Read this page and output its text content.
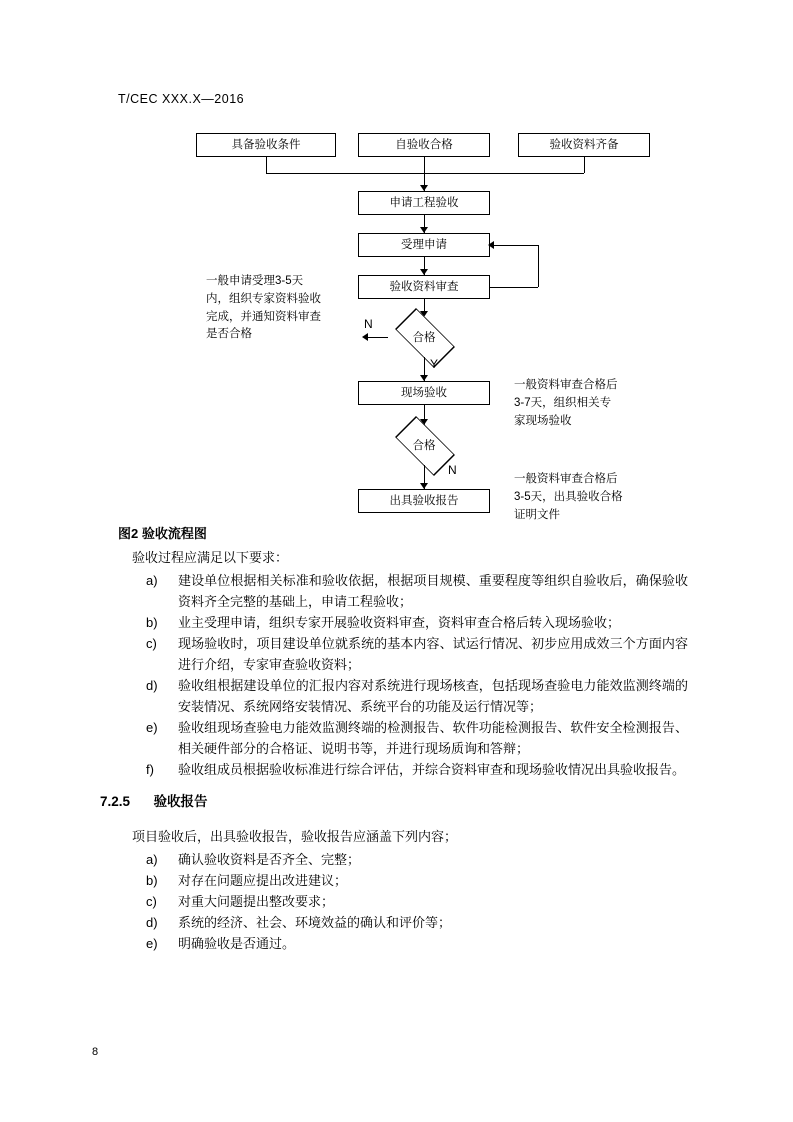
T/CEC XXX.X—2016
具备验收条件	自验收合格	验收资料齐备
申请工程验收
受理申请
验收资料审查
合格
N
Y
现场验收
合格
N
出具验收报告
一般申请受理3-5天内，组织专家资料验收完成，并通知资料审查是否合格
一般资料审查合格后3-7天，组织相关专家现场验收
一般资料审查合格后3-5天，出具验收合格证明文件
图2 验收流程图

验收过程应满足以下要求：

a)	建设单位根据相关标准和验收依据，根据项目规模、重要程度等组织自验收后，确保验收资料齐全完整的基础上，申请工程验收；
b)	业主受理申请，组织专家开展验收资料审查，资料审查合格后转入现场验收；
c)	现场验收时，项目建设单位就系统的基本内容、试运行情况、初步应用成效三个方面内容进行介绍，专家审查验收资料；
d)	验收组根据建设单位的汇报内容对系统进行现场核查，包括现场查验电力能效监测终端的安装情况、系统网络安装情况、系统平台的功能及运行情况等；
e)	验收组现场查验电力能效监测终端的检测报告、软件功能检测报告、软件安全检测报告、相关硬件部分的合格证、说明书等，并进行现场质询和答辩；
f)	验收组成员根据验收标准进行综合评估，并综合资料审查和现场验收情况出具验收报告。
7.2.5 验收报告

项目验收后，出具验收报告，验收报告应涵盖下列内容；

a)	确认验收资料是否齐全、完整；
b)	对存在问题应提出改进建议；
c)	对重大问题提出整改要求；
d)	系统的经济、社会、环境效益的确认和评价等；
e)	明确验收是否通过。
8
